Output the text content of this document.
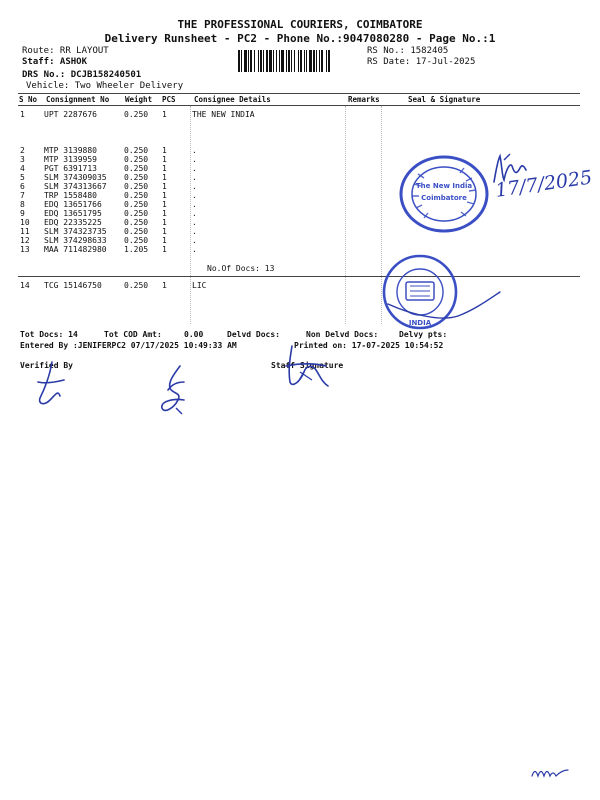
THE PROFESSIONAL COURIERS, COIMBATORE
Delivery Runsheet - PC2 - Phone No.:9047080280 - Page No.:1
Route: RR LAYOUT
Staff: ASHOK
DRS No.: DCJB158240501
Vehicle: Two Wheeler Delivery
RS No.: 1582405
RS Date: 17-Jul-2025
S No Consignment No Weight PCS Consignee Details	Remarks	Seal & Signature
1 UPT 2287676	0.250 1	THE NEW INDIA
2 MTP 3139880	0.250 1	.
3 MTP 3139959	0.250 1	.
4 PGT 6391713	0.250 1	.
5 SLM 374309035 0.250 1	.
6 SLM 374313667 0.250 1	.
7 TRP 1558480	0.250 1	.
8 EDQ 13651766	0.250 1	.
9 EDQ 13651795	0.250 1	.
10 EDQ 22335225	0.250 1	.
11 SLM 374323735 0.250 1	.
12 SLM 374298633 0.250 1	.
13 MAA 711482980 1.205 1	.
No.Of Docs: 13
14 TCG 15146750	0.250 1	LIC
Tot Docs: 14	Tot COD Amt:	0.00	Delvd Docs:	Non Delvd Docs:	Delvy pts:
Entered By :JENIFERPC2 07/17/2025 10:49:33 AM	Printed on: 17-07-2025 10:54:52
Verified By	Staff Signature
The New India
Coimbatore 17/7/2025
INDIA
